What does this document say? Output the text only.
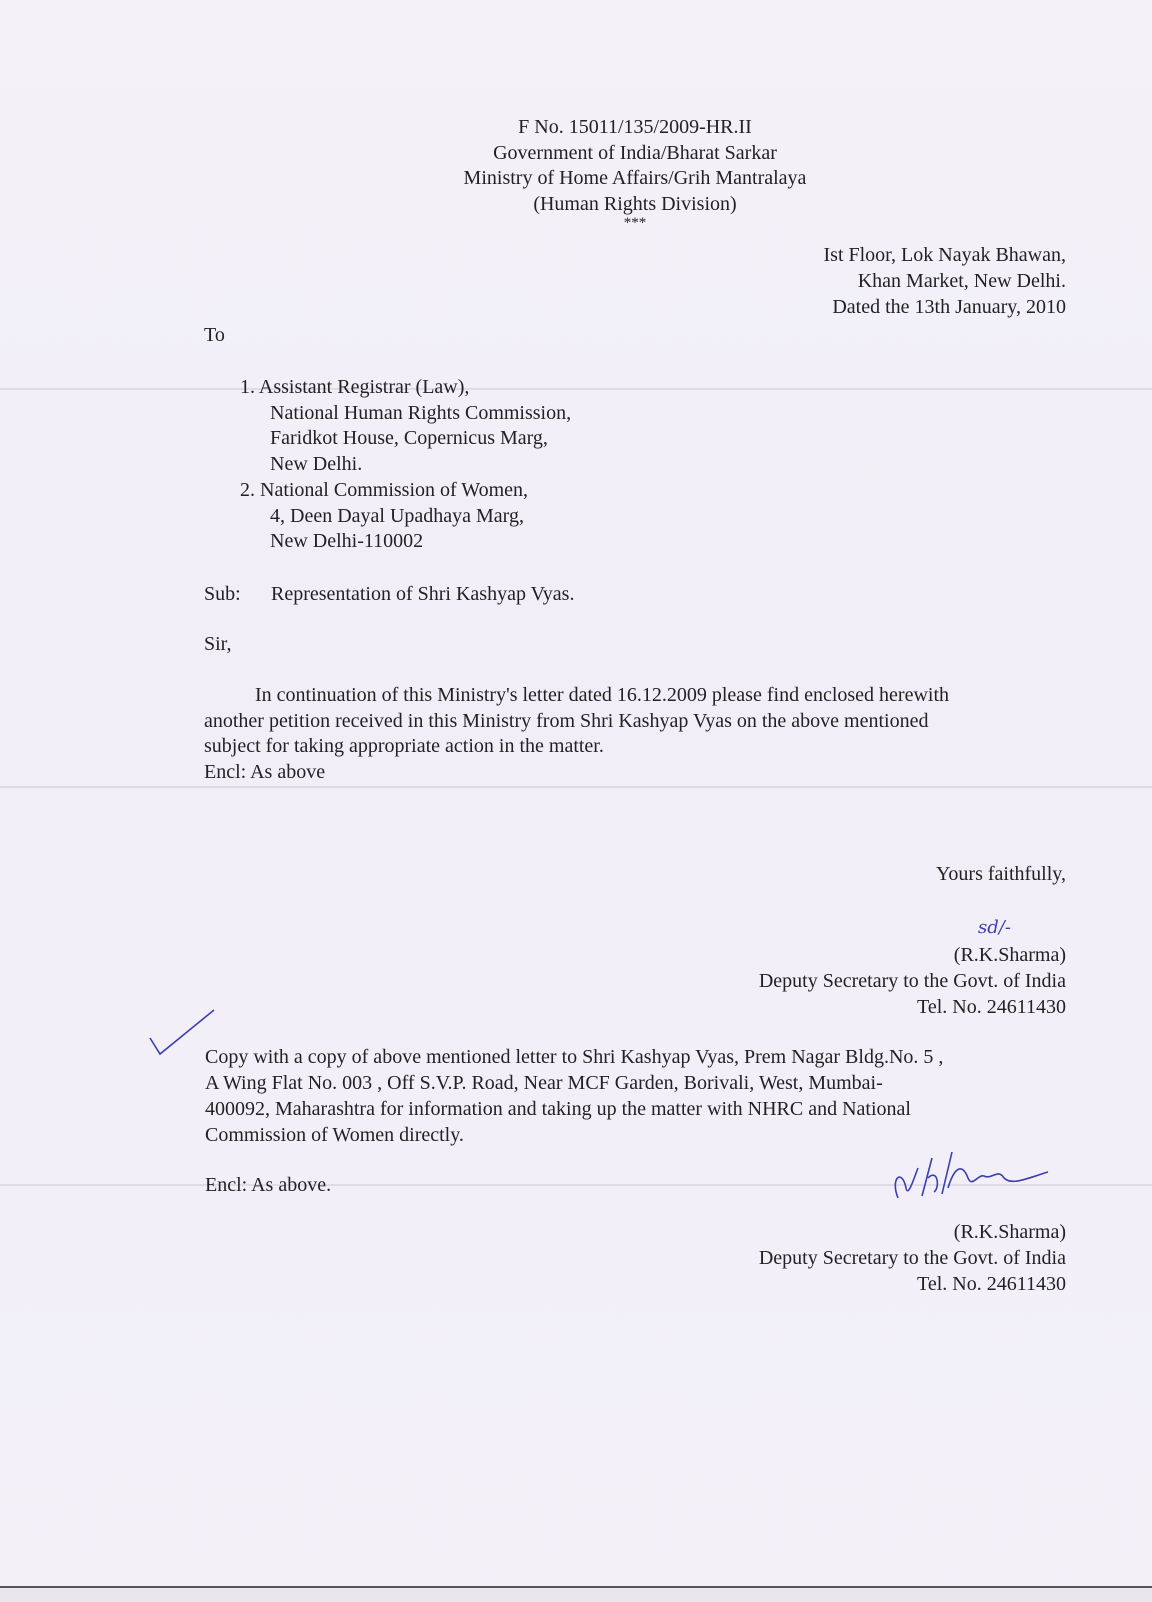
F No. 15011/135/2009-HR.II
Government of India/Bharat Sarkar
Ministry of Home Affairs/Grih Mantralaya
(Human Rights Division)
***
Ist Floor, Lok Nayak Bhawan,
Khan Market, New Delhi.
Dated the 13th January, 2010
To
1. Assistant Registrar (Law),
National Human Rights Commission,
Faridkot House, Copernicus Marg,
New Delhi.
2. National Commission of Women,
4, Deen Dayal Upadhaya Marg,
New Delhi-110002
Sub: Representation of Shri Kashyap Vyas.
Sir,
In continuation of this Ministry's letter dated 16.12.2009 please find enclosed herewith
another petition received in this Ministry from Shri Kashyap Vyas on the above mentioned
subject for taking appropriate action in the matter.
Encl: As above
Yours faithfully,
sd/-
(R.K.Sharma)
Deputy Secretary to the Govt. of India
Tel. No. 24611430
Copy with a copy of above mentioned letter to Shri Kashyap Vyas, Prem Nagar Bldg.No. 5 ,
A Wing Flat No. 003 , Off S.V.P. Road, Near MCF Garden, Borivali, West, Mumbai-
400092, Maharashtra for information and taking up the matter with NHRC and National
Commission of Women directly.
Encl: As above.
(R.K.Sharma)
Deputy Secretary to the Govt. of India
Tel. No. 24611430
